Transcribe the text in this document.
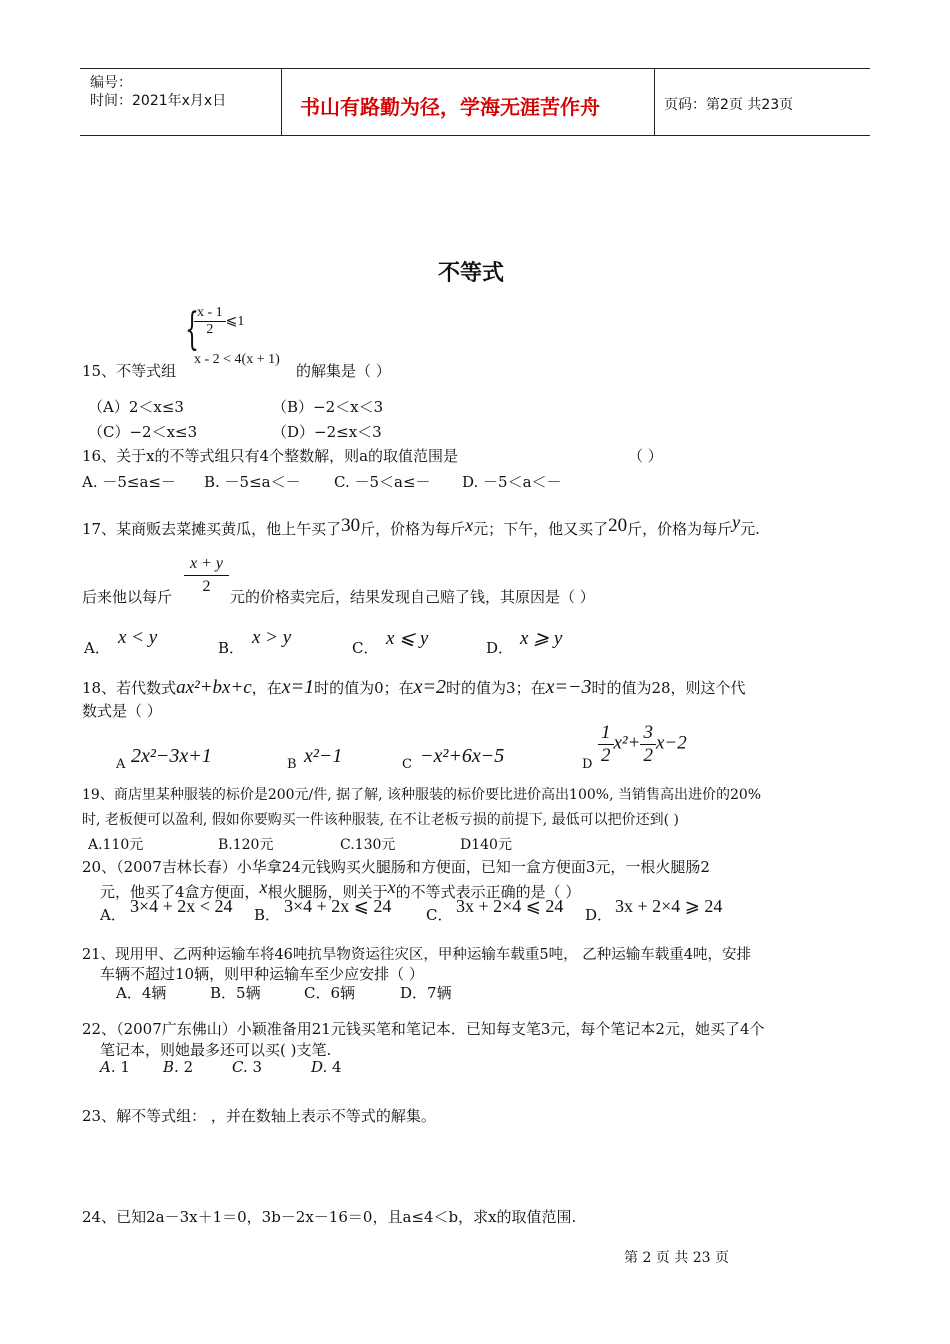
编号：
时间：2021年x月x日	书山有路勤为径，学海无涯苦作舟	页码：第2页 共23页
不等式
{
$\frac{x - 1}{2}$ ⩽1
x - 2 < 4(x + 1)
15、不等式组	的解集是（ ）
（A）2＜x≤3	（B）−2＜x＜3
（C）−2＜x≤3	（D）−2≤x＜3
16、关于x的不等式组只有4个整数解，则a的取值范围是	（ ）
A. －5≤a≤－ B. －5≤a＜－ C. －5＜a≤－ D. －5＜a＜－
17、某商贩去菜摊买黄瓜，他上午买了30斤，价格为每斤x元；下午，他又买了20斤，价格为每斤y元.
后来他以每斤
$\frac{x + y}{2}$
元的价格卖完后，结果发现自己赔了钱，其原因是（ ）
A． x < y	B． x > y	C． x ⩽ y	D． x ⩾ y
18、若代数式ax²+bx+c，在x=1时的值为0；在x=2时的值为3；在x=−3时的值为28，则这个代
数式是（ ）
A 2x²−3x+1	B x²−1	C −x²+6x−5	D $\frac{1}{2} x^2+ \frac{3}{2} x-2$
19、商店里某种服装的标价是200元/件, 据了解, 该种服装的标价要比进价高出100%, 当销售高出进价的20%
时, 老板便可以盈利, 假如你要购买一件该种服装, 在不让老板亏损的前提下, 最低可以把价还到( )
A.110元	B.120元	C.130元	D140元
20、（2007吉林长春）小华拿24元钱购买火腿肠和方便面，已知一盒方便面3元，一根火腿肠2
元，他买了4盒方便面，x根火腿肠，则关于x的不等式表示正确的是（ ）
A． 3×4 + 2x < 24 B． 3×4 + 2x ⩽ 24 C． 3x + 2×4 ⩽ 24 D． 3x + 2×4 ⩾ 24
21、现用甲、乙两种运输车将46吨抗旱物资运往灾区，甲种运输车载重5吨， 乙种运输车载重4吨，安排
车辆不超过10辆，则甲种运输车至少应安排（ ）
A．4辆	B．5辆	C．6辆	D．7辆
22、（2007广东佛山）小颖准备用21元钱买笔和笔记本．已知每支笔3元，每个笔记本2元，她买了4个
笔记本，则她最多还可以买( )支笔.
A. 1 B. 2	C. 3	D. 4
23、解不等式组： ，并在数轴上表示不等式的解集。
24、已知2a－3x＋1＝0，3b－2x－16＝0，且a≤4＜b，求x的取值范围.
第 2 页 共 23 页
